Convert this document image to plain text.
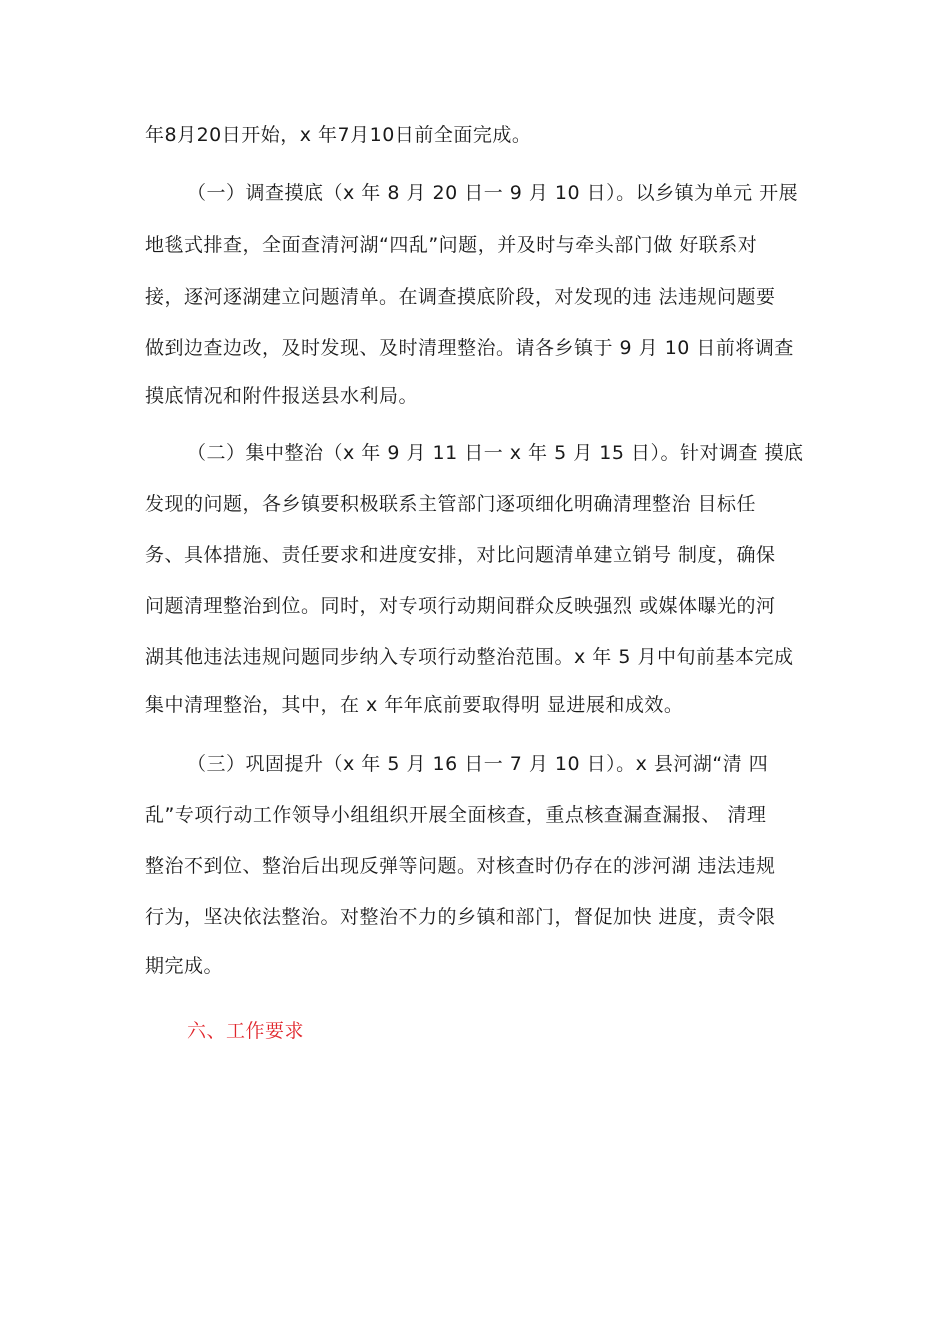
年8月20日开始，x 年7月10日前全面完成。
（一）调查摸底（x 年 8 月 20 日一 9 月 10 日）。以乡镇为单元 开展
地毯式排查，全面查清河湖“四乱”问题，并及时与牵头部门做 好联系对
接，逐河逐湖建立问题清单。在调查摸底阶段，对发现的违 法违规问题要
做到边查边改，及时发现、及时清理整治。请各乡镇于 9 月 10 日前将调查
摸底情况和附件报送县水利局。
（二）集中整治（x 年 9 月 11 日一 x 年 5 月 15 日）。针对调查 摸底
发现的问题，各乡镇要积极联系主管部门逐项细化明确清理整治 目标任
务、具体措施、责任要求和进度安排，对比问题清单建立销号 制度，确保
问题清理整治到位。同时，对专项行动期间群众反映强烈 或媒体曝光的河
湖其他违法违规问题同步纳入专项行动整治范围。x 年 5 月中旬前基本完成
集中清理整治，其中，在 x 年年底前要取得明 显进展和成效。
（三）巩固提升（x 年 5 月 16 日一 7 月 10 日）。x 县河湖“清 四
乱”专项行动工作领导小组组织开展全面核查，重点核查漏查漏报、 清理
整治不到位、整治后出现反弹等问题。对核查时仍存在的涉河湖 违法违规
行为，坚决依法整治。对整治不力的乡镇和部门，督促加快 进度，责令限
期完成。
六、工作要求
